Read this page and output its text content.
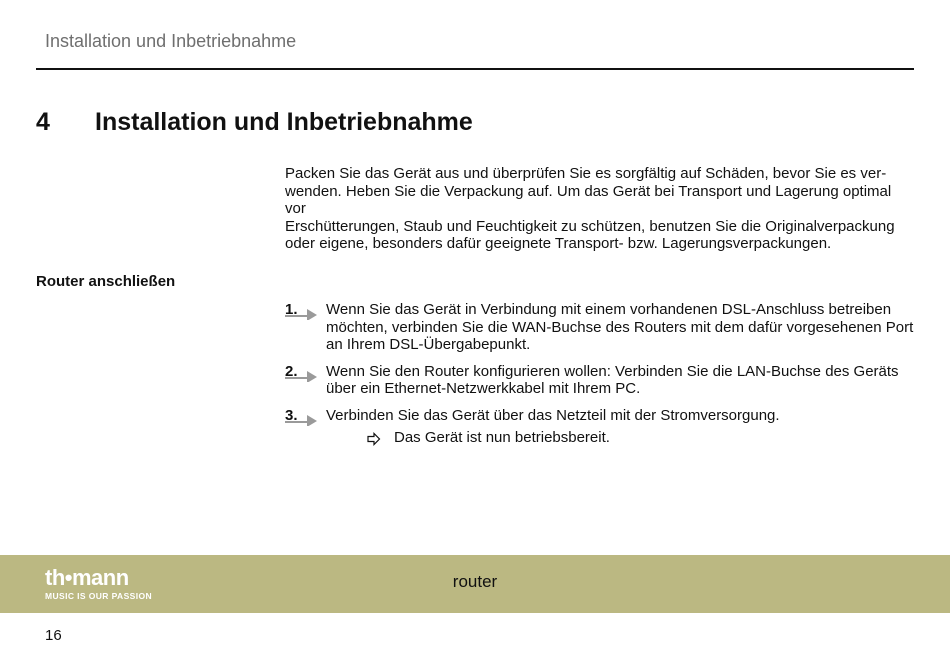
Installation und Inbetriebnahme
4 Installation und Inbetriebnahme
Packen Sie das Gerät aus und überprüfen Sie es sorgfältig auf Schäden, bevor Sie es ver-
wenden. Heben Sie die Verpackung auf. Um das Gerät bei Transport und Lagerung optimal vor
Erschütterungen, Staub und Feuchtigkeit zu schützen, benutzen Sie die Originalverpackung
oder eigene, besonders dafür geeignete Transport- bzw. Lagerungsverpackungen.
Router anschließen
1. Wenn Sie das Gerät in Verbindung mit einem vorhandenen DSL-Anschluss betreiben
möchten, verbinden Sie die WAN-Buchse des Routers mit dem dafür vorgesehenen Port
an Ihrem DSL-Übergabepunkt.
2. Wenn Sie den Router konfigurieren wollen: Verbinden Sie die LAN-Buchse des Geräts
über ein Ethernet-Netzwerkkabel mit Ihrem PC.
3. Verbinden Sie das Gerät über das Netzteil mit der Stromversorgung.
Das Gerät ist nun betriebsbereit.
th•mann
MUSIC IS OUR PASSION
router
16
